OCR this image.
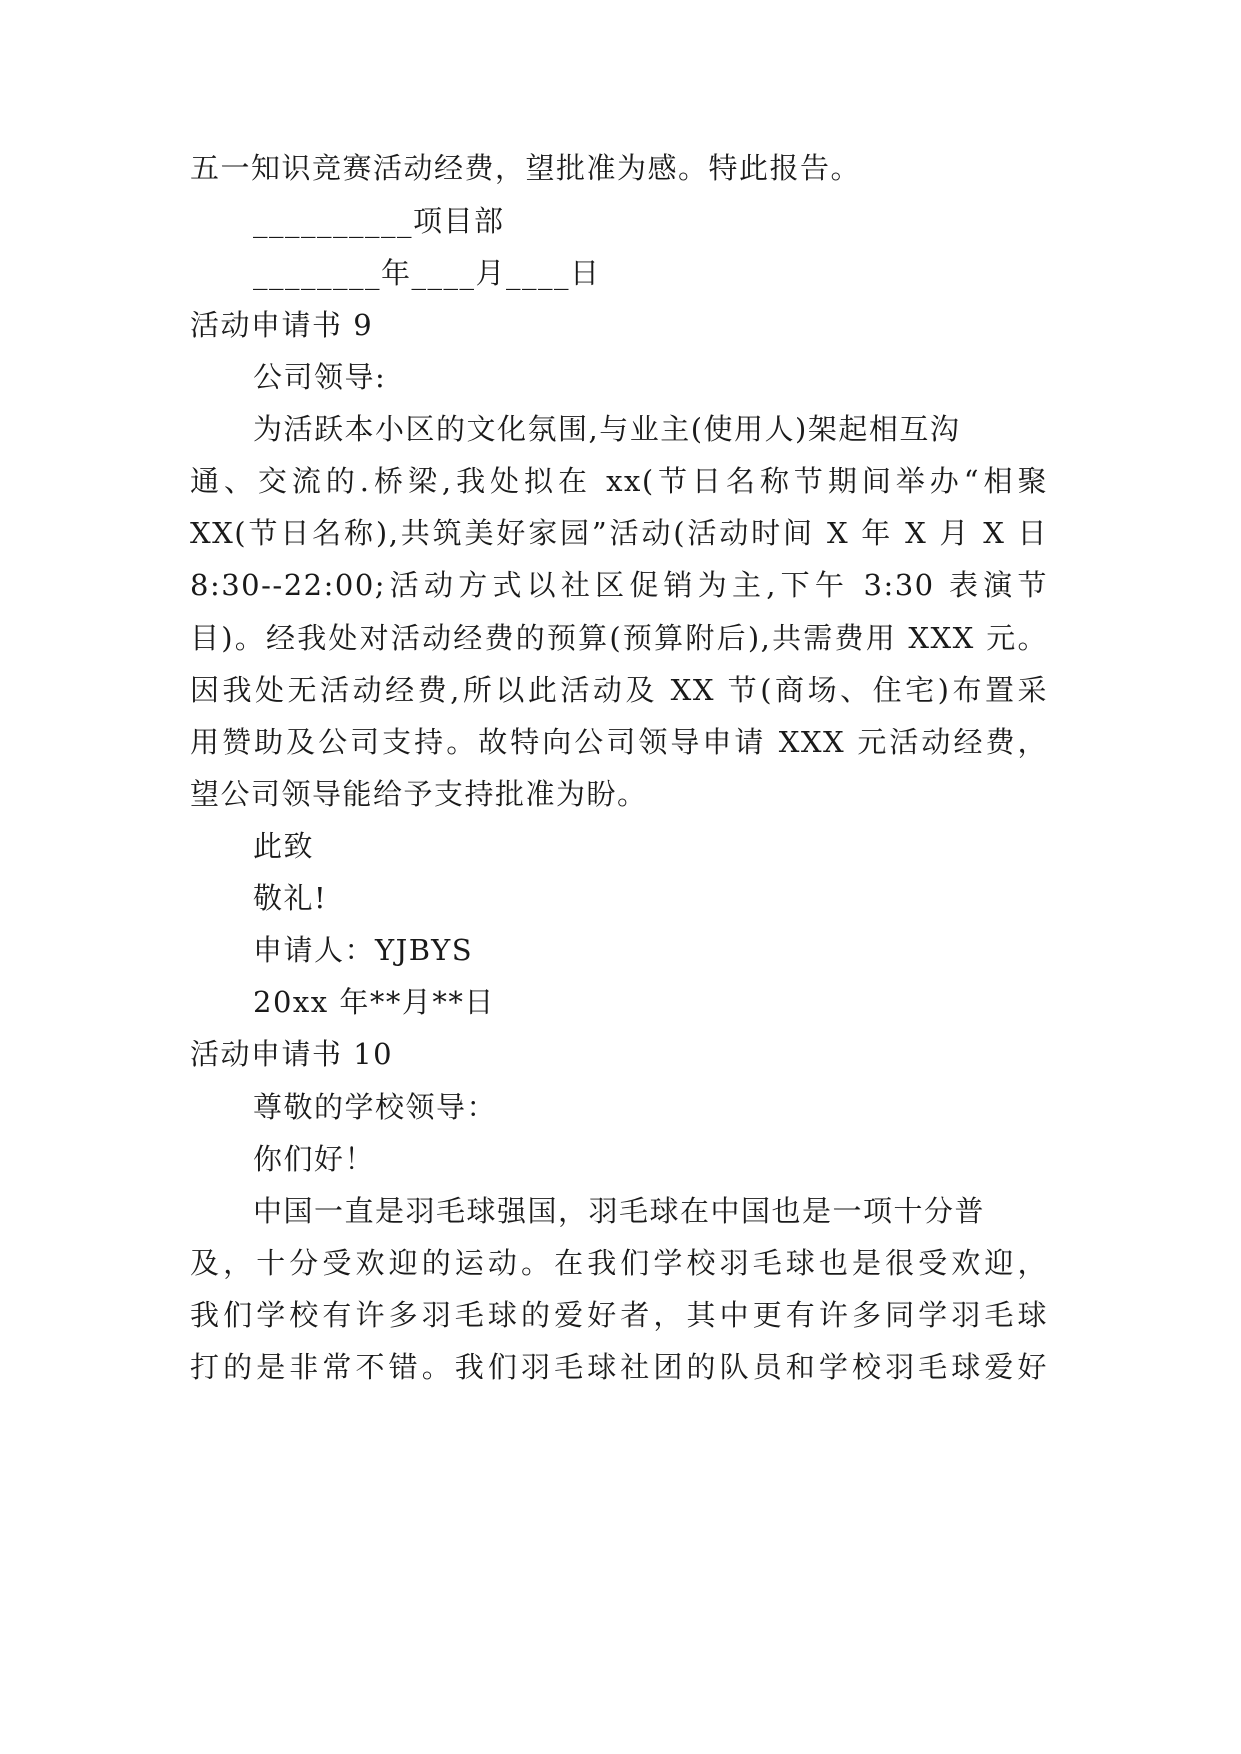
五一知识竞赛活动经费，望批准为感。特此报告。
__________项目部
________年____月____日
活动申请书 9
公司领导:
为活跃本小区的文化氛围,与业主(使用人)架起相互沟
通、交流的.桥梁,我处拟在 xx(节日名称节期间举办“相聚
XX(节日名称),共筑美好家园”活动(活动时间 X 年 X 月 X 日
8:30--22:00;活动方式以社区促销为主,下午 3:30 表演节
目)。经我处对活动经费的预算(预算附后),共需费用 XXX 元。
因我处无活动经费,所以此活动及 XX 节(商场、住宅)布置采
用赞助及公司支持。故特向公司领导申请 XXX 元活动经费，
望公司领导能给予支持批准为盼。
此致
敬礼!
申请人：YJBYS
20xx 年**月**日
活动申请书 10
尊敬的学校领导：
你们好！
中国一直是羽毛球强国，羽毛球在中国也是一项十分普
及，十分受欢迎的运动。在我们学校羽毛球也是很受欢迎，
我们学校有许多羽毛球的爱好者，其中更有许多同学羽毛球
打的是非常不错。我们羽毛球社团的队员和学校羽毛球爱好
